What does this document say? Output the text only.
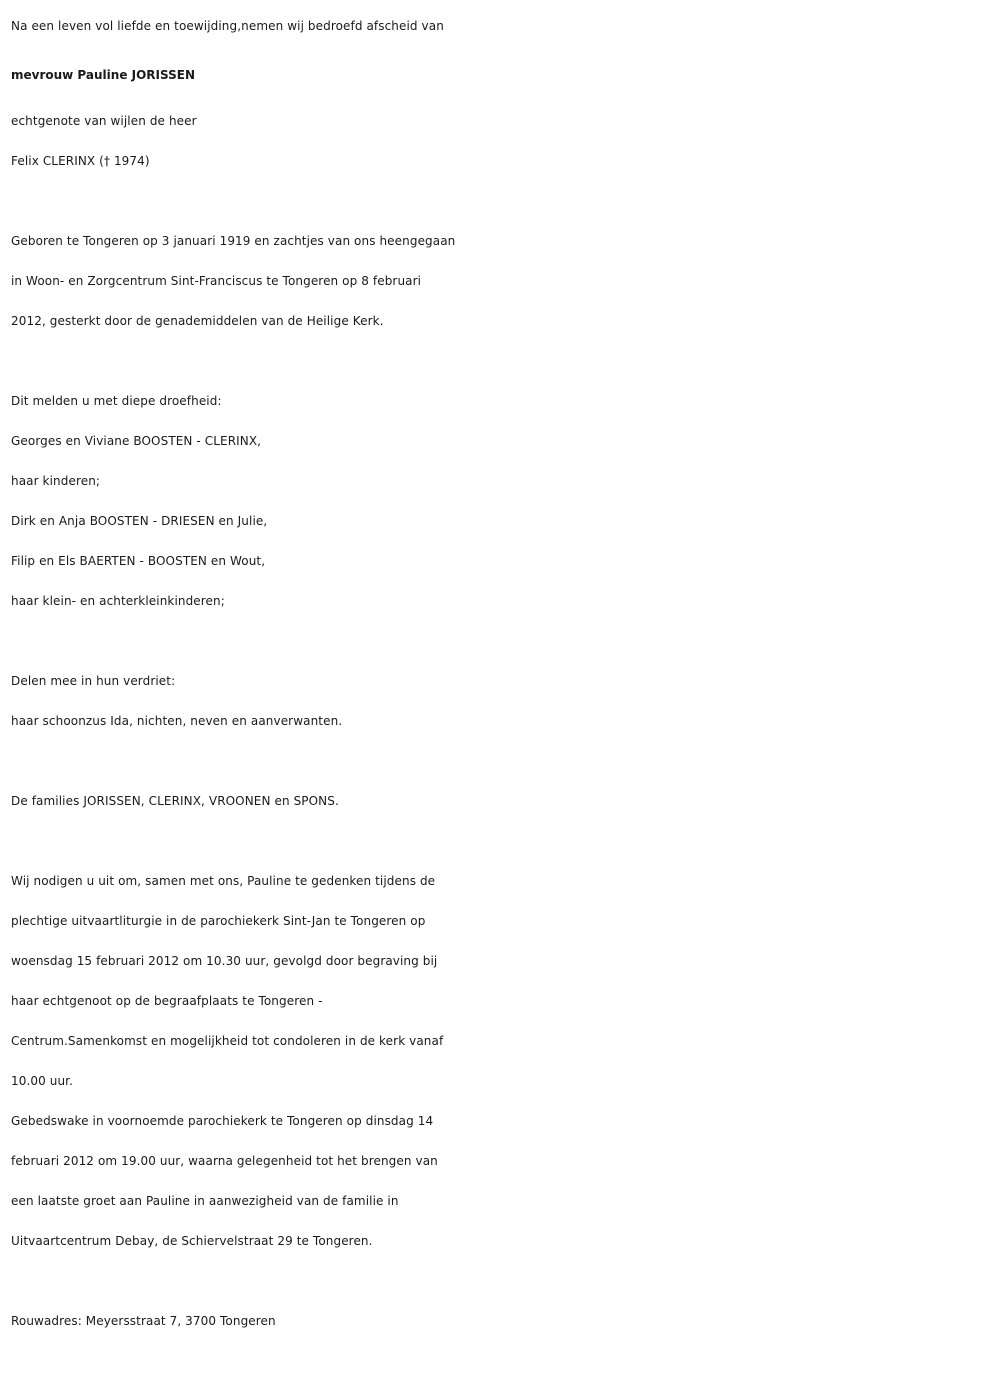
Na een leven vol liefde en toewijding,nemen wij bedroefd afscheid van
mevrouw Pauline JORISSEN
echtgenote van wijlen de heer
Felix CLERINX († 1974)
Geboren te Tongeren op 3 januari 1919 en zachtjes van ons heengegaan
in Woon- en Zorgcentrum Sint-Franciscus te Tongeren op 8 februari
2012, gesterkt door de genademiddelen van de Heilige Kerk.
Dit melden u met diepe droefheid:
Georges en Viviane BOOSTEN - CLERINX,
haar kinderen;
Dirk en Anja BOOSTEN - DRIESEN en Julie,
Filip en Els BAERTEN - BOOSTEN en Wout,
haar klein- en achterkleinkinderen;
Delen mee in hun verdriet:
haar schoonzus Ida, nichten, neven en aanverwanten.
De families JORISSEN, CLERINX, VROONEN en SPONS.
Wij nodigen u uit om, samen met ons, Pauline te gedenken tijdens de
plechtige uitvaartliturgie in de parochiekerk Sint-Jan te Tongeren op
woensdag 15 februari 2012 om 10.30 uur, gevolgd door begraving bij
haar echtgenoot op de begraafplaats te Tongeren -
Centrum.Samenkomst en mogelijkheid tot condoleren in de kerk vanaf
10.00 uur.
Gebedswake in voornoemde parochiekerk te Tongeren op dinsdag 14
februari 2012 om 19.00 uur, waarna gelegenheid tot het brengen van
een laatste groet aan Pauline in aanwezigheid van de familie in
Uitvaartcentrum Debay, de Schiervelstraat 29 te Tongeren.
Rouwadres: Meyersstraat 7, 3700 Tongeren
